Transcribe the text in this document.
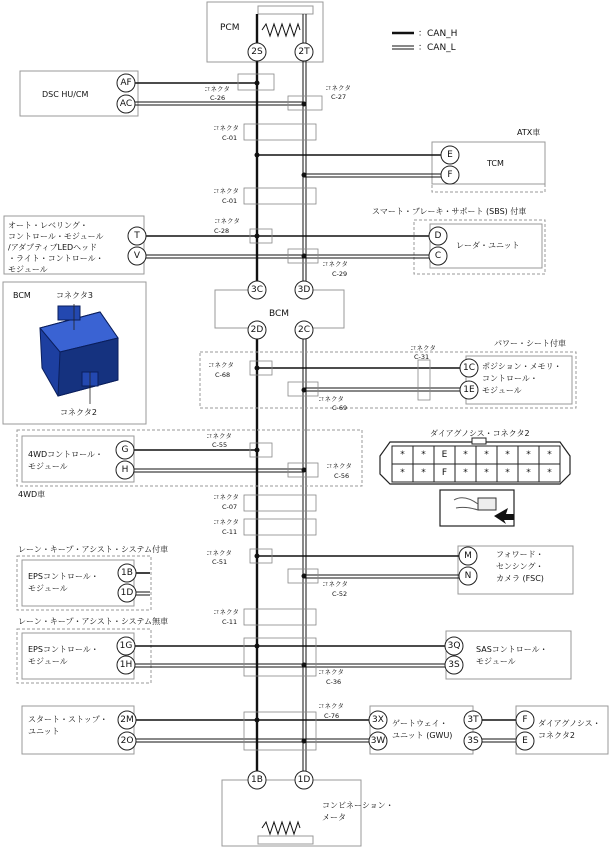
：CAN_H
：CAN_L
PCM
2S	2T
DSC HU/CM
AF
AC
コネクタ
C-26
コネクタ
C-27
コネクタ
C-01
ATX車
TCM
E
F
コネクタ
C-01
スマート・ブレーキ・サポート (SBS) 付車
レーダ・ユニット
D
C
オート・レベリング・
コントロール・モジュール
/アダプティブLEDヘッド
・ライト・コントロール・
モジュール
T
V
コネクタ
C-28
コネクタ
C-29
BCM
3C	3D
2D	2C
BCM	コネクタ3
コネクタ2
パワー・シート付車
ポジション・メモリ・
コントロール・
モジュール
1C
1E
コネクタ
C-68
コネクタ
C-69
コネクタ
C-31
4WDコントロール・
モジュール
4WD車
G
H
コネクタ
C-55
コネクタ
C-56
ダイアグノシス・コネクタ2
* * E * * * * *
* * F * * * * *
コネクタ
C-07
コネクタ
C-11
レーン・キープ・アシスト・システム付車
EPSコントロール・
モジュール
1B
1D
フォワード・
センシング・
カメラ (FSC)
M
N
コネクタ
C-51
コネクタ
C-52
コネクタ
C-11
レーン・キープ・アシスト・システム無車
EPSコントロール・
モジュール
1G
1H
SASコントロール・
モジュール
3Q
3S
コネクタ
C-36
スタート・ストップ・
ユニット
2M
2O
コネクタ
C-76
ゲートウェイ・
ユニット (GWU)
3X
3W
3T
3S
ダイアグノシス・
コネクタ2
F
E
コンビネーション・
メータ
1B	1D
